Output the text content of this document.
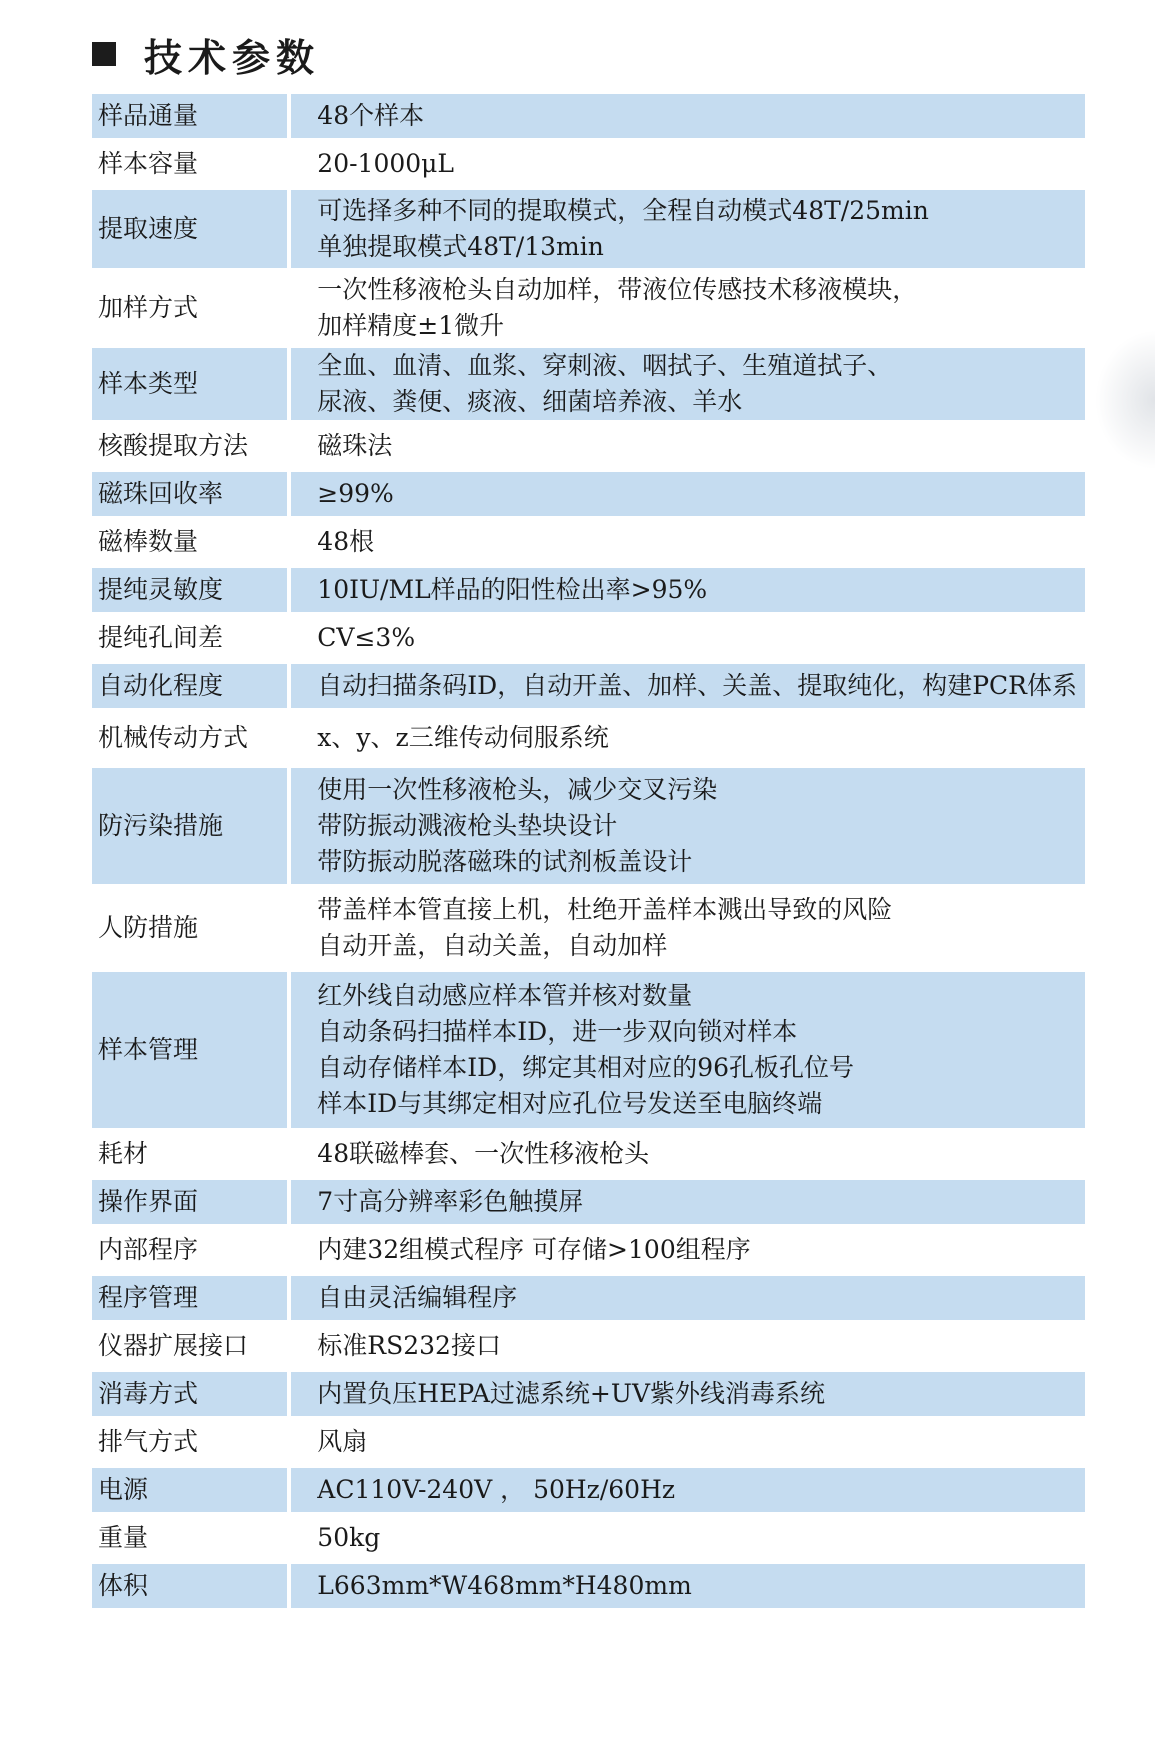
技术参数
样品通量	48个样本

样本容量	20-1000μL

提取速度	可选择多种不同的提取模式，全程自动模式48T/25min
单独提取模式48T/13min

加样方式	一次性移液枪头自动加样，带液位传感技术移液模块，
加样精度±1微升

样本类型	全血、血清、血浆、穿刺液、咽拭子、生殖道拭子、
尿液、粪便、痰液、细菌培养液、羊水

核酸提取方法	磁珠法

磁珠回收率	≥99%

磁棒数量	48根

提纯灵敏度	10IU/ML样品的阳性检出率>95%

提纯孔间差	CV≤3%

自动化程度	自动扫描条码ID，自动开盖、加样、关盖、提取纯化，构建PCR体系

机械传动方式	x、y、z三维传动伺服系统

防污染措施	使用一次性移液枪头，减少交叉污染
带防振动溅液枪头垫块设计
带防振动脱落磁珠的试剂板盖设计

人防措施	带盖样本管直接上机，杜绝开盖样本溅出导致的风险
自动开盖，自动关盖，自动加样

样本管理	红外线自动感应样本管并核对数量
自动条码扫描样本ID，进一步双向锁对样本
自动存储样本ID，绑定其相对应的96孔板孔位号
样本ID与其绑定相对应孔位号发送至电脑终端

耗材	48联磁棒套、一次性移液枪头

操作界面	7寸高分辨率彩色触摸屏

内部程序	内建32组模式程序 可存储>100组程序

程序管理	自由灵活编辑程序

仪器扩展接口	标准RS232接口

消毒方式	内置负压HEPA过滤系统+UV紫外线消毒系统

排气方式	风扇

电源	AC110V-240V ， 50Hz/60Hz

重量	50kg

体积	L663mm*W468mm*H480mm
